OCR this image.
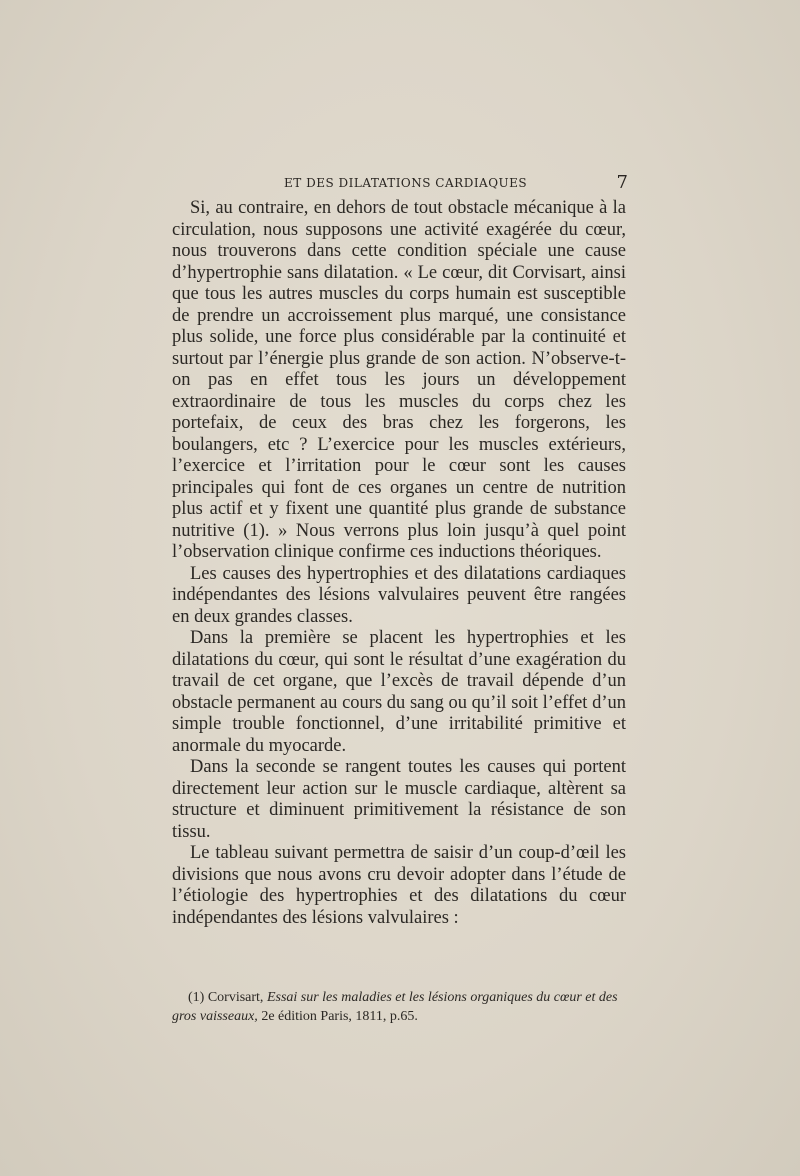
ET DES DILATATIONS CARDIAQUES	7

Si, au contraire, en dehors de tout obstacle mécanique à la circulation, nous supposons une activité exagérée du cœur, nous trouverons dans cette condition spéciale une cause d’hypertrophie sans dilatation. « Le cœur, dit Corvisart, ainsi que tous les autres muscles du corps humain est susceptible de prendre un accroissement plus marqué, une consistance plus solide, une force plus considérable par la continuité et surtout par l’énergie plus grande de son action. N’observe-t-on pas en effet tous les jours un développement extraordinaire de tous les muscles du corps chez les portefaix, de ceux des bras chez les forgerons, les boulangers, etc ? L’exercice pour les muscles extérieurs, l’exercice et l’irritation pour le cœur sont les causes principales qui font de ces organes un centre de nutrition plus actif et y fixent une quantité plus grande de substance nutritive (1). » Nous verrons plus loin jusqu’à quel point l’observation clinique confirme ces inductions théoriques.

Les causes des hypertrophies et des dilatations cardiaques indépendantes des lésions valvulaires peuvent être rangées en deux grandes classes.

Dans la première se placent les hypertrophies et les dilatations du cœur, qui sont le résultat d’une exagération du travail de cet organe, que l’excès de travail dépende d’un obstacle permanent au cours du sang ou qu’il soit l’effet d’un simple trouble fonctionnel, d’une irritabilité primitive et anormale du myocarde.

Dans la seconde se rangent toutes les causes qui portent directement leur action sur le muscle cardiaque, altèrent sa structure et diminuent primitivement la résistance de son tissu.

Le tableau suivant permettra de saisir d’un coup-d’œil les divisions que nous avons cru devoir adopter dans l’étude de l’étiologie des hypertrophies et des dilatations du cœur indépendantes des lésions valvulaires :

(1) Corvisart, Essai sur les maladies et les lésions organiques du cœur et des gros vaisseaux, 2e édition Paris, 1811, p.65.
